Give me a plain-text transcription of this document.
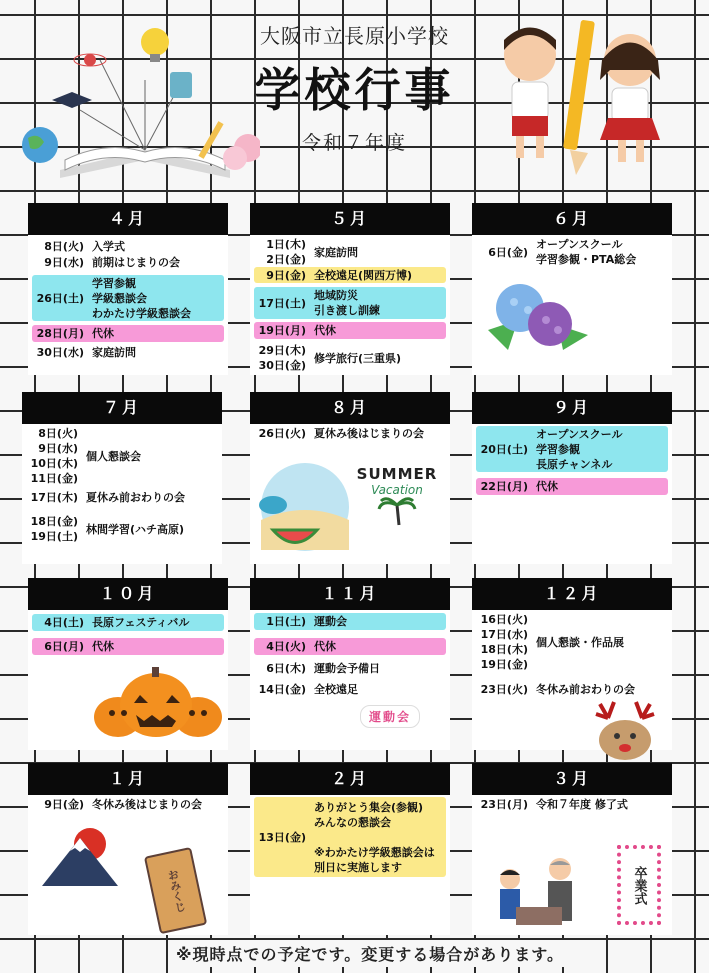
大阪市立長原小学校
学校行事
令和７年度
４月
8日(火) 入学式
9日(水) 前期はじまりの会
26日(土)
学習参観
学級懇談会
わかたけ学級懇談会
28日(月) 代休
30日(水) 家庭訪問
５月
1日(木)
2日(金)
家庭訪問
9日(金) 全校遠足(関西万博)
17日(土)
地域防災
引き渡し訓練
19日(月) 代休
29日(木)
30日(金)
修学旅行(三重県)
６月
6日(金)
オープンスクール
学習参観・PTA総会
７月
8日(火)
9日(水)
10日(木)
11日(金)
個人懇談会
17日(木) 夏休み前おわりの会
18日(金)
19日(土)
林間学習(ハチ高原)
８月
26日(火) 夏休み後はじまりの会
９月
20日(土)
オープンスクール
学習参観
長原チャンネル
22日(月) 代休
１０月
4日(土) 長原フェスティバル
6日(月) 代休
１１月
1日(土) 運動会
4日(火) 代休
6日(木) 運動会予備日
14日(金) 全校遠足
１２月
16日(火)
17日(水)
18日(木)
19日(金)
個人懇談・作品展
23日(火) 冬休み前おわりの会
１月
9日(金) 冬休み後はじまりの会
２月
13日(金)
ありがとう集会(参観)
みんなの懇談会

※わかたけ学級懇談会は
別日に実施します
３月
23日(月) 令和７年度 修了式
SUMMER
Vacation
運動会
おみくじ	卒業式
※現時点での予定です。変更する場合があります。
